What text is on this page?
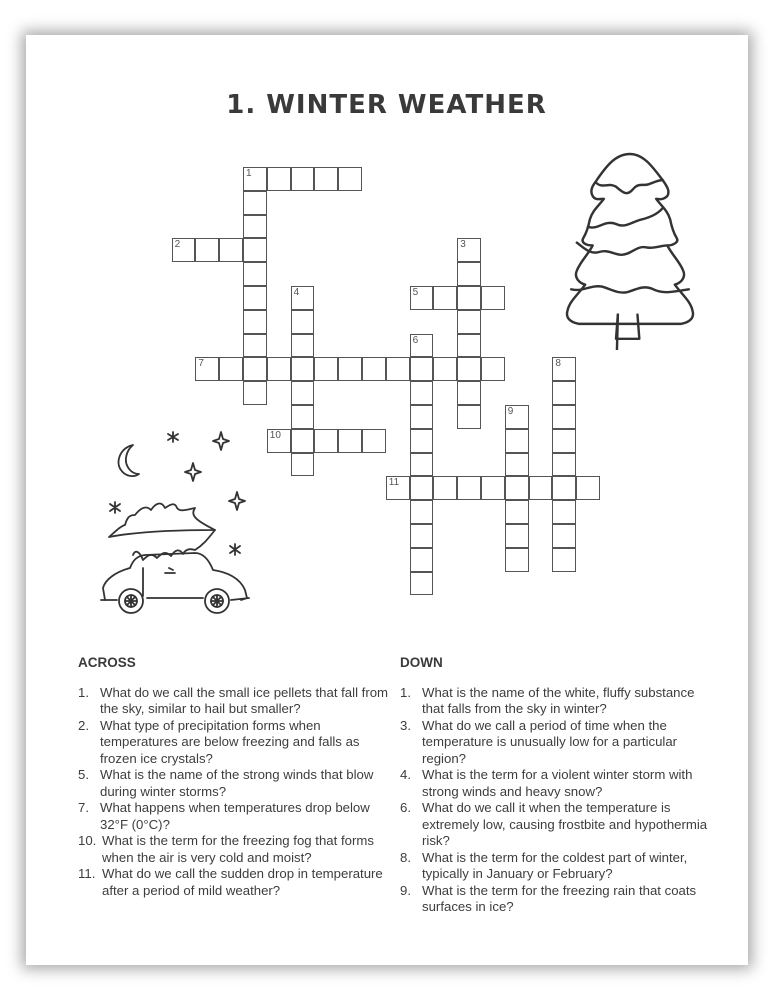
1. WINTER WEATHER
1
2	3
4	5
6
7	8
9
10
11
ACROSS
1. What do we call the small ice pellets that fall from the sky, similar to hail but smaller?
2. What type of precipitation forms when temperatures are below freezing and falls as frozen ice crystals?
5. What is the name of the strong winds that blow during winter storms?
7. What happens when temperatures drop below 32°F (0°C)?
10. What is the term for the freezing fog that forms when the air is very cold and moist?
11. What do we call the sudden drop in temperature after a period of mild weather?
DOWN
1. What is the name of the white, fluffy substance that falls from the sky in winter?
3. What do we call a period of time when the temperature is unusually low for a particular region?
4. What is the term for a violent winter storm with strong winds and heavy snow?
6. What do we call it when the temperature is extremely low, causing frostbite and hypothermia risk?
8. What is the term for the coldest part of winter, typically in January or February?
9. What is the term for the freezing rain that coats surfaces in ice?
